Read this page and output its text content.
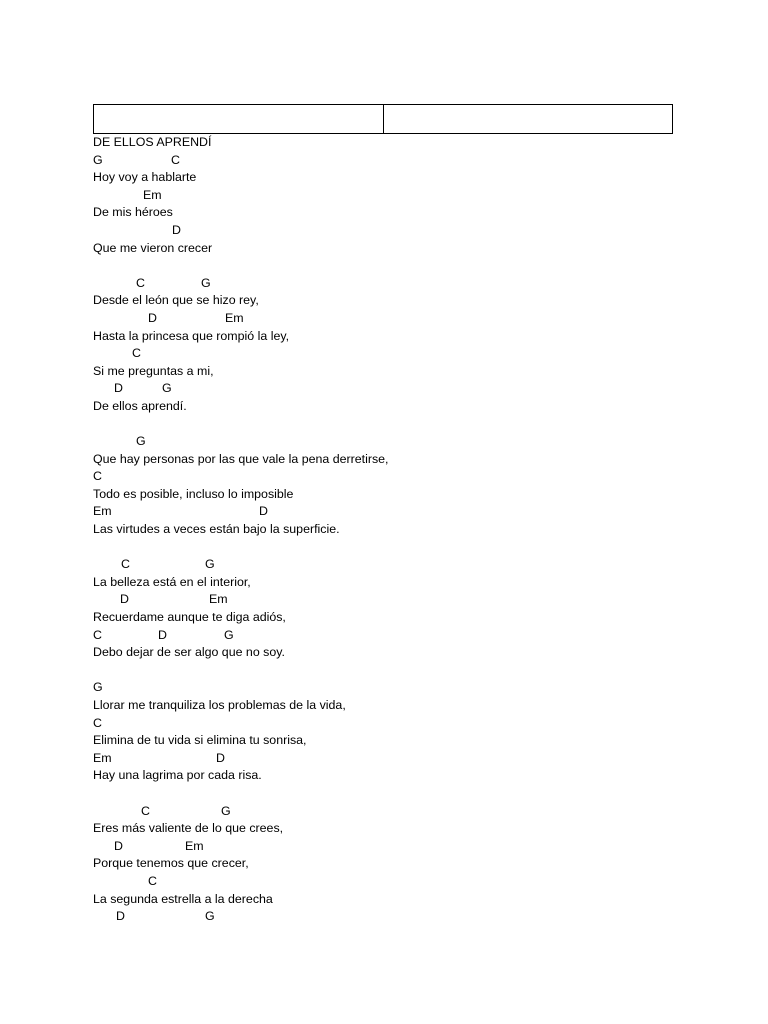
DE ELLOS APRENDÍ
G	C
Hoy voy a hablarte
Em
De mis héroes
D
Que me vieron crecer
C	G
Desde el león que se hizo rey,
D	Em
Hasta la princesa que rompió la ley,
C
Si me preguntas a mi,
D	G
De ellos aprendí.
G
Que hay personas por las que vale la pena derretirse,
C
Todo es posible, incluso lo imposible
Em	D
Las virtudes a veces están bajo la superficie.
C	G
La belleza está en el interior,
D	Em
Recuerdame aunque te diga adiós,
C	D	G
Debo dejar de ser algo que no soy.
G
Llorar me tranquiliza los problemas de la vida,
C
Elimina de tu vida si elimina tu sonrisa,
Em	D
Hay una lagrima por cada risa.
C	G
Eres más valiente de lo que crees,
D	Em
Porque tenemos que crecer,
C
La segunda estrella a la derecha
D	G
